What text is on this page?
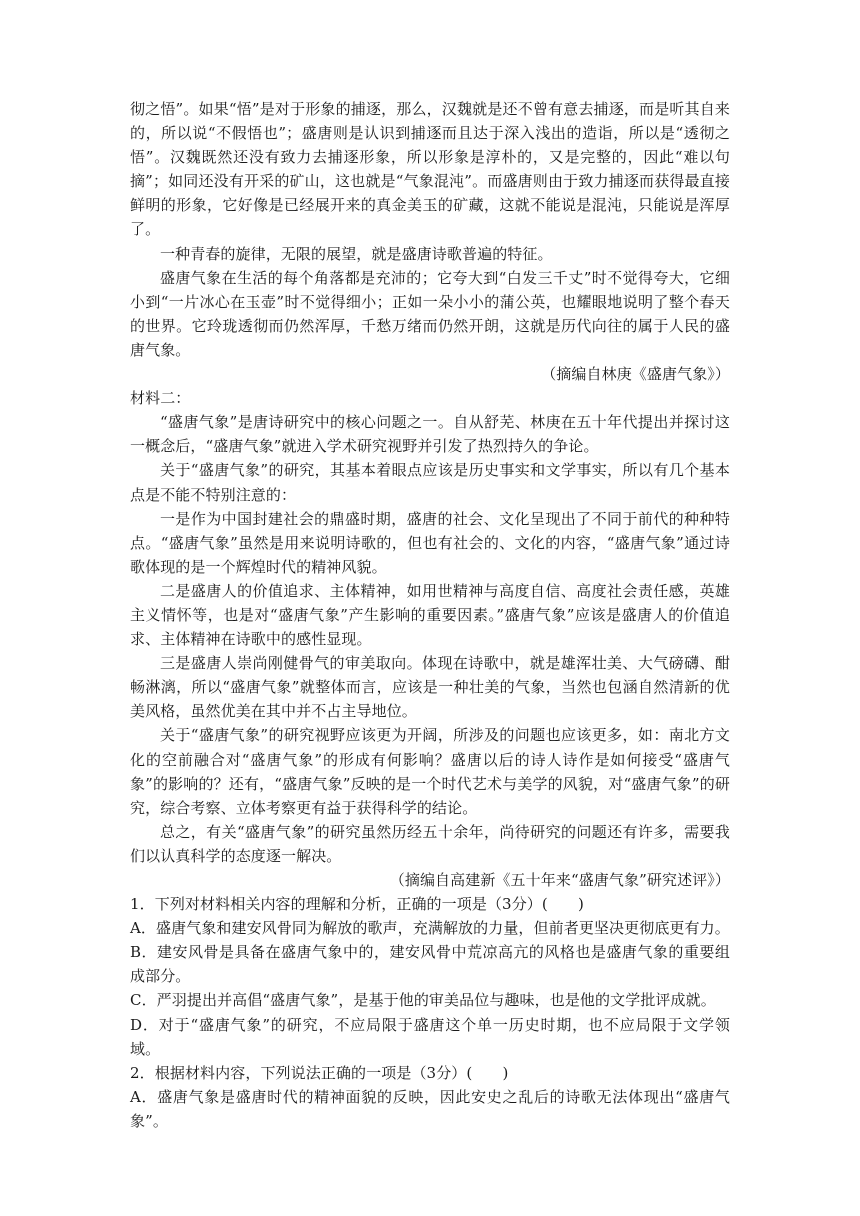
彻之悟”。如果“悟”是对于形象的捕逐，那么，汉魏就是还不曾有意去捕逐，而是听其自来的，所以说“不假悟也”；盛唐则是认识到捕逐而且达于深入浅出的造诣，所以是“透彻之悟”。汉魏既然还没有致力去捕逐形象，所以形象是淳朴的，又是完整的，因此“难以句摘”；如同还没有开采的矿山，这也就是“气象混沌”。而盛唐则由于致力捕逐而获得最直接鲜明的形象，它好像是已经展开来的真金美玉的矿藏，这就不能说是混沌，只能说是浑厚了。

一种青春的旋律，无限的展望，就是盛唐诗歌普遍的特征。

盛唐气象在生活的每个角落都是充沛的；它夸大到“白发三千丈”时不觉得夸大，它细小到“一片冰心在玉壶”时不觉得细小；正如一朵小小的蒲公英，也耀眼地说明了整个春天的世界。它玲珑透彻而仍然浑厚，千愁万绪而仍然开朗，这就是历代向往的属于人民的盛唐气象。

（摘编自林庚《盛唐气象》）

材料二：

“盛唐气象”是唐诗研究中的核心问题之一。自从舒芜、林庚在五十年代提出并探讨这一概念后，“盛唐气象”就进入学术研究视野并引发了热烈持久的争论。

关于“盛唐气象”的研究，其基本着眼点应该是历史事实和文学事实，所以有几个基本点是不能不特别注意的：

一是作为中国封建社会的鼎盛时期，盛唐的社会、文化呈现出了不同于前代的种种特点。“盛唐气象”虽然是用来说明诗歌的，但也有社会的、文化的内容，“盛唐气象”通过诗歌体现的是一个辉煌时代的精神风貌。

二是盛唐人的价值追求、主体精神，如用世精神与高度自信、高度社会责任感，英雄主义情怀等，也是对“盛唐气象”产生影响的重要因素。”盛唐气象”应该是盛唐人的价值追求、主体精神在诗歌中的感性显现。

三是盛唐人崇尚刚健骨气的审美取向。体现在诗歌中，就是雄浑壮美、大气磅礴、酣畅淋漓，所以“盛唐气象”就整体而言，应该是一种壮美的气象，当然也包涵自然清新的优美风格，虽然优美在其中并不占主导地位。

关于“盛唐气象”的研究视野应该更为开阔，所涉及的问题也应该更多，如：南北方文化的空前融合对“盛唐气象”的形成有何影响？盛唐以后的诗人诗作是如何接受“盛唐气象”的影响的？还有，“盛唐气象”反映的是一个时代艺术与美学的风貌，对“盛唐气象”的研究，综合考察、立体考察更有益于获得科学的结论。

总之，有关“盛唐气象”的研究虽然历经五十余年，尚待研究的问题还有许多，需要我们以认真科学的态度逐一解决。

（摘编自高建新《五十年来“盛唐气象”研究述评》）

1．下列对材料相关内容的理解和分析，正确的一项是（3分）(　　)

A．盛唐气象和建安风骨同为解放的歌声，充满解放的力量，但前者更坚决更彻底更有力。

B．建安风骨是具备在盛唐气象中的，建安风骨中荒凉高亢的风格也是盛唐气象的重要组成部分。

C．严羽提出并高倡“盛唐气象”，是基于他的审美品位与趣味，也是他的文学批评成就。

D．对于“盛唐气象”的研究，不应局限于盛唐这个单一历史时期，也不应局限于文学领域。

2．根据材料内容，下列说法正确的一项是（3分）(　　)

A．盛唐气象是盛唐时代的精神面貌的反映，因此安史之乱后的诗歌无法体现出“盛唐气象”。
